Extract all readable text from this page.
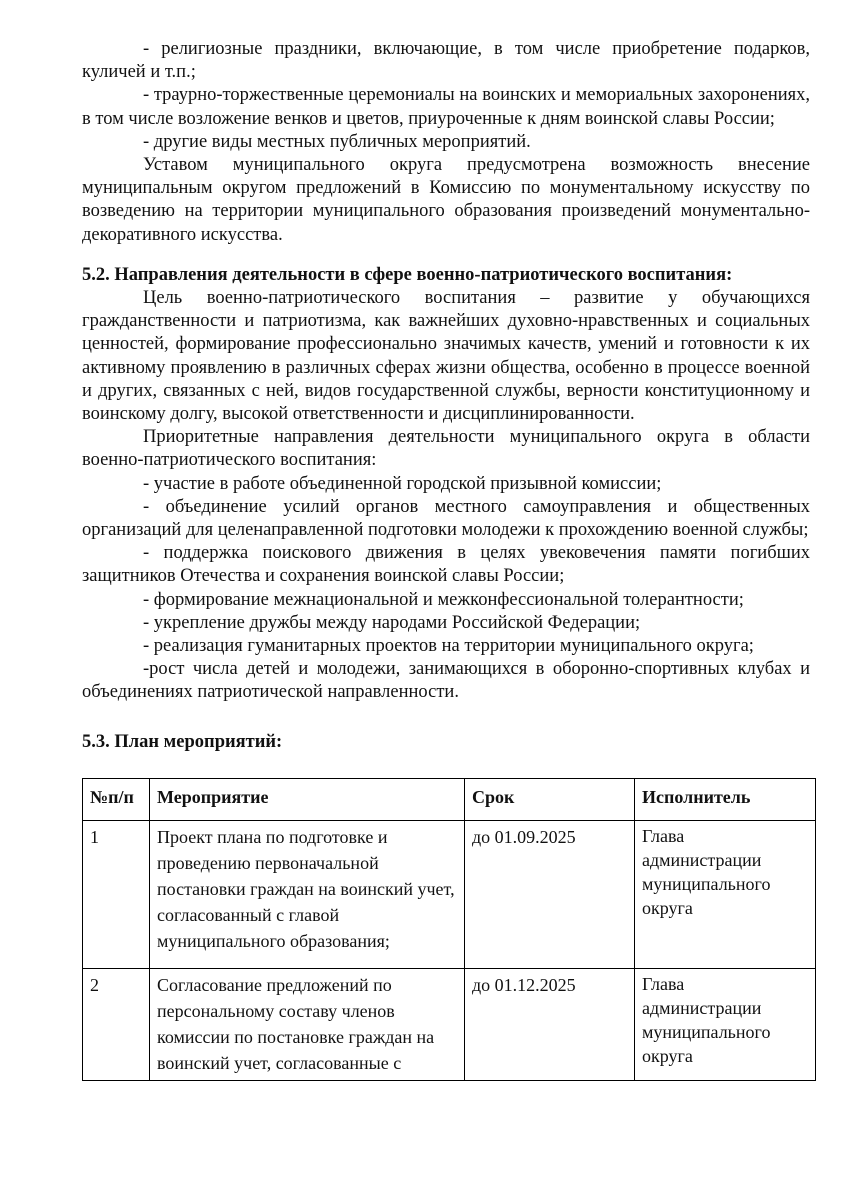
- религиозные праздники, включающие, в том числе приобретение подарков, куличей и т.п.;

- траурно-торжественные церемониалы на воинских и мемориальных захоронениях, в том числе возложение венков и цветов, приуроченные к дням воинской славы России;

- другие виды местных публичных мероприятий.

Уставом муниципального округа предусмотрена возможность внесение муниципальным округом предложений в Комиссию по монументальному искусству по возведению на территории муниципального образования произведений монументально-декоративного искусства.

5.2. Направления деятельности в сфере военно-патриотического воспитания:

Цель военно-патриотического воспитания – развитие у обучающихся гражданственности и патриотизма, как важнейших духовно-нравственных и социальных ценностей, формирование профессионально значимых качеств, умений и готовности к их активному проявлению в различных сферах жизни общества, особенно в процессе военной и других, связанных с ней, видов государственной службы, верности конституционному и воинскому долгу, высокой ответственности и дисциплинированности.

Приоритетные направления деятельности муниципального округа в области военно-патриотического воспитания:

- участие в работе объединенной городской призывной комиссии;

- объединение усилий органов местного самоуправления и общественных организаций для целенаправленной подготовки молодежи к прохождению военной службы;

- поддержка поискового движения в целях увековечения памяти погибших защитников Отечества и сохранения воинской славы России;

- формирование межнациональной и межконфессиональной толерантности;

- укрепление дружбы между народами Российской Федерации;

- реализация гуманитарных проектов на территории муниципального округа;

-рост числа детей и молодежи, занимающихся в оборонно-спортивных клубах и объединениях патриотической направленности.

5.3. План мероприятий:

№п/п	Мероприятие	Срок	Исполнитель
1	Проект плана по подготовке и проведению первоначальной постановки граждан на воинский учет, согласованный с главой муниципального образования;	до 01.09.2025	Глава администрации муниципального округа
2	Согласование предложений по персональному составу членов комиссии по постановке граждан на воинский учет, согласованные с	до 01.12.2025	Глава администрации муниципального округа
